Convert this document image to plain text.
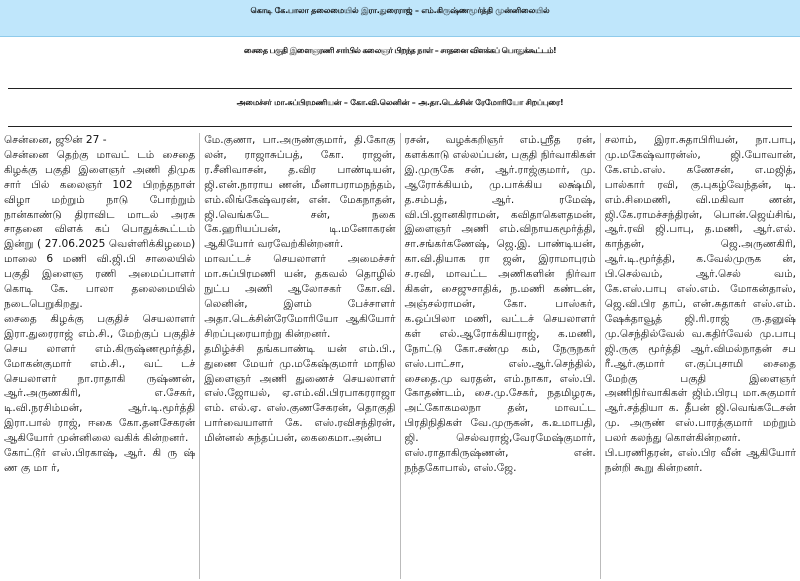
கொடி கே.பாலா தலைமையில் இரா.துரைராஜ் – எம்.கிருஷ்ணமூர்த்தி முன்னிலையில்
சைதை பகுதி இளைஞரணி சார்பில் கலைஞர் பிறந்த நாள் – சாதனை விளக்கப் பொதுக்கூட்டம்!
அமைச்சர் மா.சுப்பிரமணியன் – கோ.வி.லெனின் – அ.தா.டெக்சின் ரேமோரியோ சிறப்புரை!

சென்னை, ஜூன் 27 -
சென்னை தெற்கு மாவட் டம் சைதை கிழக்கு பகுதி இளைஞர் அணி திமுக சார் பில் கலைஞர் 102 பிறந்தநாள் விழா மற்றும் நாடு போற்றும் நான்காண்டு திராவிட மாடல் அரசு சாதனை விளக் கப் பொதுக்கூட்டம் இன்று ( 27.06.2025 வெள்ளிக்கிழமை) மாலை 6 மணி வி.ஜி.பி சாலையில் பகுதி இளைஞ ரணி அமைப்பாளர் கொடி கே. பாலா தலைமையில் நடைபெறுகிறது.

சைதை கிழக்கு பகுதிச் செயலாளர் இரா.துரைராஜ் எம்.சி., மேற்குப் பகுதிச் செய லாளர் எம்.கிருஷ்ணமூர்த்தி, மோகன்குமார் எம்.சி., வட் டச் செயலாளர் நா.ராதாகி ருஷ்ணன், ஆர்.அருணகிரி, எ.சேகர், டி.வி.நரசிம்மன், ஆர்.டி.மூர்த்தி இரா.பால் ராஜ், ஈகை கோ.தனசேகரன் ஆகியோர் முன்னிலை வகிக் கின்றனர்.

கோட்டூர் எஸ்.பிரகாஷ், ஆர். கி ரு ஷ் ண கு மா ர்,

மே.குணா, பா.அருண்குமார், தி.கோகு லன், ராஜாசுப்பத், கோ. ராஜன், ர.சீனிவாசன், த.விர பாண்டியன், ஜி.என்.நாராய ணன், மீனாபராமநந்தம், எம்.லிங்கேஷ்வரன், என். மேகநாதன், ஜி.வெங்கடே சன், நகை கே.ஹரியப்பன், டி.மனோகரன் ஆகியோர் வரவேற்கின்றனர்.

மாவட்டச் செயலாளர் அமைச்சர் மா.சுப்பிரமணி யன், தகவல் தொழில் நுட்ப அணி ஆலோசகர் கோ.வி. லெனின், இளம் பேச்சாளர் அதா.டெக்சின்ரேமோரியோ ஆகியோர் சிறப்புரையாற்று கின்றனர்.

தமிழ்ச்சி தங்கபாண்டி யன் எம்.பி., துணை மேயர் மு.மகேஷ்குமார் மாநில இளைஞர் அணி துணைச் செயலாளர் எஸ்.ஜோயல், ஏ.எம்.வி.பிரபாகரராஜா எம். எல்.ஏ. எஸ்.குணசேகரன், தொகுதி பார்வையாளர் கே. எஸ்.ரவிசந்திரன், மின்னல் சுந்தப்பன், கைகைமா.அன்ப

ரசன், வழக்கறிஞர் எம்.ஸ்ரீத ரன், களக்காடு எல்லப்பன், பகுதி நிர்வாகிகள் இ.முருகே சன், ஆர்.ராஜ்குமார், மு. ஆரோக்கியம், மு.பாக்கிய லக்ஷ்மி, த.சம்பத், ஆர். ரமேஷ், வி.பி.ஜானகிராமன், கவிதாகௌதமன், இளைஞர் அணி எம்.விநாயகமூர்த்தி, சா.சங்கர்கணேஷ், ஜெ.இ. பாண்டியன், கா.வி.தியாக ரா ஜன், இராமாபுரம் ச.ரவி, மாவட்ட அணிகளின் நிர்வா கிகள், சைஜுசாதிக், ந.மணி கண்டன், அஞ்சல்ராமன், கோ. பாஸ்கர், க.ஒப்பிலா மணி, வட்டச் செயலாளர் கள் எல்.ஆரோக்கியராஜ், க.மணி, நோட்டு கோ.சண்மு கம், நேருநகர் எஸ்.பாட்சா, எஸ்.ஆர்.செந்தில், சைதை.மு வரதன், எம்.நாகா, எஸ்.பி. கோதண்டம், சை.மு.சேகர், நதமிழரசு, அட்கோகமலநா தன், மாவட்ட பிரதிநிதிகள் வே.முருகன், க.உமாபதி, ஜி. செல்வராஜ்,வேரமேஷ்குமார், எஸ்.ராதாகிருஷ்ணன், என். நந்தகோபால், எஸ்.ஜே.

சலாம், இரா.சுதாபிரியன், நா.பாபு, மு.மகேஷ்வாரன்ஸ், ஜி.யோவான், கே.எம்.எஸ். கணேசன், எ.மஜித், பால்கார் ரவி, கு.புகழ்வேந்தன், டி. எம்.சிமைணி, வி.மகிவா ணன், ஜி.கே.ராமச்சந்திரன், பொன்.ஜெய்சிங், ஆர்.ரவி ஜி.பாபு, த.மணி, ஆர்.எல். காந்தன், ஜெ.அருணகிரி, ஆர்.டி.மூர்த்தி, க.வேல்முருக ன், பி.செல்வம், ஆர்.செல் வம், கே.எஸ்.பாபு எஸ்.எம். மோகன்தாஸ், ஜெ.வி.பிர தாப், என்.சுதாகர் எஸ்.எம். ஷேக்தாவூத் ஜி.ரி.ராஜ் ரு.தனுஷ் மு.செந்தில்வேல் வ.கதிர்வேல் மு.பாபு ஜி.ருகு மூர்த்தி ஆர்.விமல்நாதன் சப ரீ.ஆர்.குமார் எ.குப்புசாமி சைதை மேற்கு பகுதி இளைஞர் அணிநிர்வாகிகள் ஜிம்.பிரபு மா.சுகுமார் ஆர்.சத்தியா க. தீபன் ஜி.வெங்கடேசன் மு. அருண் எஸ்.பாரத்குமார் மற்றும் பலர் கலந்து கொள்கின்றனர்.

பி.பரணிதரன், எஸ்.பிர வீன் ஆகியோர் நன்றி கூறு கின்றனர்.
